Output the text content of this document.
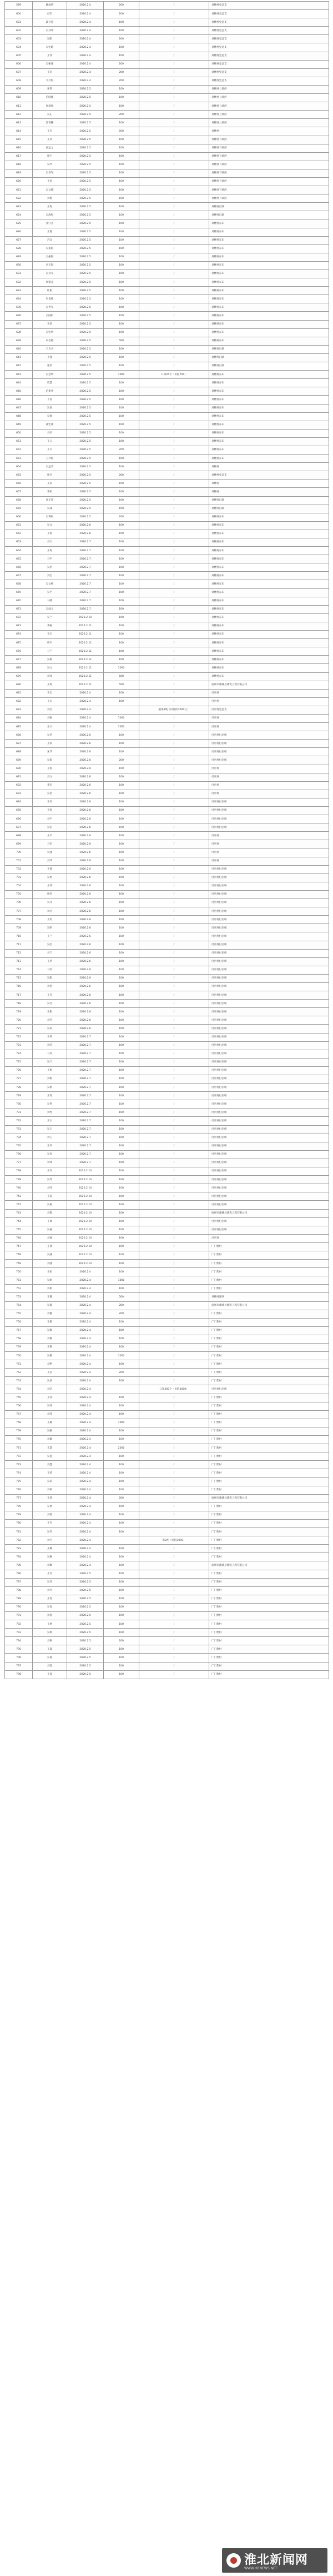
599	戴成菊	2020.2.4	200	/	刘楼村党总支
600	赵军	2020.2.4	200	/	刘楼村党总支
601	戚兵连	2020.2.4	100	/	刘楼村党总支
602	吴其珍	2020.2.4	100	/	刘楼村党总支
603	吴阳	2020.2.4	200	/	刘楼村党总支
604	吴宏路	2020.2.4	100	/	刘楼村党总支
605	王伟	2020.2.4	100	/	刘楼村党总支
606	吴振球	2020.2.4	200	/	刘楼村党总支
607	王军	2020.2.4	200	/	刘楼村党总支
608	马召海	2020.2.4	200	/	刘楼村党总支
609	宋铁	2020.2.5	100	/	刘楼村上湖西
610	范国刚	2020.2.5	100	/	刘楼村上湖西
611	周翠珍	2020.2.5	100	/	刘楼村上湖西
612	吴正	2020.2.5	200	/	刘楼村上湖西
613	郭春鹏	2020.2.5	100	/	刘楼村上湖西
614	王杰	2020.2.5	500	/	刘楼村
615	王其	2020.2.5	100	/	刘楼村下湖西
616	张远之	2020.2.5	100	/	刘楼村下湖西
617	周宇	2020.2.5	100	/	刘楼村下湖西
618	吴华	2020.2.5	100	/	刘楼村下湖西
619	吴华军	2020.2.5	100	/	刘楼村下湖西
620	王国	2020.2.5	100	/	刘楼村下湖西
621	吴文德	2020.2.5	100	/	刘楼村下湖西
622	刘梅	2020.2.5	100	/	刘楼村下湖西
623	王海	2020.2.5	100	/	刘楼村沿湖
624	吴海权	2020.2.5	100	/	刘楼村沿湖
625	张守杰	2020.2.5	100	/	刘楼村东田
626	王胜	2020.2.5	100	/	刘楼村东田
627	宫汉	2020.2.5	100	/	刘楼村东田
628	吴振银	2020.2.5	100	/	刘楼村东田
629	王振银	2020.2.5	100	/	刘楼村东田
630	刘玉银	2020.2.5	100	/	刘楼村东田
631	吴文军	2020.2.5	100	/	刘楼村东田
632	周银花	2020.2.5	100	/	刘楼村东田
633	杜银	2020.2.5	100	/	刘楼村东田
634	朱金枝	2020.2.5	100	/	刘楼村东田
635	吴世军	2020.2.5	100	/	刘楼村东田
636	吴国阳	2020.2.5	100	/	刘楼村东田
637	王雷	2020.2.5	100	/	刘楼村东田
638	吴宏明	2020.2.5	100	/	刘楼村东田
639	朱志路	2020.2.5	500	/	刘楼村东田
640	王玉兵	2020.2.5	100	/	刘楼村沿湖
641	王强	2020.2.5	100	/	刘楼村沿湖
642	张贵	2020.2.5	100	/	刘楼村沿湖
643	吴全明	2020.2.5	1000	口罩25个（价值700）	刘楼村东田
644	周慧	2020.2.5	100	/	刘楼村东田
645	范振华	2020.2.5	100	/	刘楼村东田
646	丁国	2020.2.5	100	/	刘楼村东田
647	吴春	2020.2.5	100	/	刘楼村东田
648	吴辉	2020.2.5	100	/	刘楼村东田
649	戚宏锋	2020.2.5	100	/	刘楼村东田
650	刘庆	2020.2.5	100	/	刘楼村东田
651	王云	2020.2.5	100	/	刘楼村东田
652	王兴	2020.2.5	200	/	刘楼村东田
653	王兴银	2020.2.5	100	/	刘楼村东田
654	吴远其	2020.2.5	100	/	刘楼村
655	周兵	2020.2.5	200	/	刘楼村党总支
656	王家	2020.2.5	100	/	刘楼村
657	李家	2020.2.5	100	/	刘楼村
658	高正菊	2020.2.5	100	/	刘楼村沿湖
659	吴成	2020.2.5	100	/	刘楼村沿湖
660	吴利权	2020.2.5	200	/	刘楼村东田
661	吴文	2020.2.6	100	/	刘楼村东田
662	王海	2020.2.6	100	/	刘楼村东田
663	刘义	2020.2.7	100	/	刘楼村东田
664	王海	2020.2.7	100	/	刘楼村东田
665	马平	2020.2.7	100	/	刘楼村东田
666	吴洪	2020.2.7	100	/	刘楼村东田
667	刘宏	2020.2.7	100	/	刘楼村东田
668	吴文梅	2020.2.7	100	/	刘楼村东田
669	吴平	2020.2.7	100	/	刘楼村东田
670	马晓	2020.2.7	100	/	刘楼村东田
671	吴成义	2020.2.7	100	/	刘楼村东田
672	吴兰	2020.2.10	100	/	刘楼村东田
673	李振	2020.2.11	100	/	刘楼村东田
674	王全	2020.2.11	100	/	刘楼村东田
675	周平	2020.2.11	100	/	刘楼村东田
676	马兰	2020.2.11	100	/	刘楼村东田
677	吴梅	2020.2.11	100	/	刘楼村东田
678	吴文	2020.2.11	1000	/	刘楼村东田
679	刘祥	2020.2.11	500	/	刘楼村东田
680	王海	2020.2.11	500	/	宿州市濉溪县建筑工程有限公司
681	王宏	2020.2.4	100	/	付店村
682	王永	2020.2.4	100	/	付店村
683	刘杰	2020.2.4		蔬菜1吨（价值约1000元）	付店村党总支
684	刘振	2020.2.4	1000	/	付店村
685	王兴	2020.2.4	1000	/	付店村
686	吴华	2020.2.6	100	/	付店村付店组
687	王家	2020.2.6	100	/	付店村付店组
688	宋华	2020.2.6	100	/	付店村付店组
689	吴海	2020.2.6	200	/	付店村付店组
690	王海	2020.2.6	100	/	付店村
691	刘文	2020.2.6	100	/	付店村
692	李军	2020.2.6	100	/	付店村
693	吴金	2020.2.6	100	/	付店村
694	王红	2020.2.6	100	/	付店村付店组
695	王振	2020.2.6	100	/	付店村付店组
696	刘平	2020.2.6	100	/	付店村付店组
697	吴宏	2020.2.6	100	/	付店村付店组
698	王平	2020.2.6	100	/	付店村
699	马军	2020.2.6	100	/	付店村
700	吴强	2020.2.6	100	/	付店村
701	刘华	2020.2.6	100	/	付店村
702	王德	2020.2.6	100	/	付店村付店组
703	吴勇	2020.2.6	100	/	付店村付店组
704	王伟	2020.2.6	100	/	付店村付店组
705	周红	2020.2.6	100	/	付店村付店组
706	吴文	2020.2.6	100	/	付店村付店组
707	刘兵	2020.2.6	100	/	付店村付店组
708	王勇	2020.2.6	100	/	付店村付店组
709	吴明	2020.2.6	100	/	付店村付店组
710	王兰	2020.2.6	100	/	付店村付店组
711	吴杰	2020.2.6	100	/	付店村付店组
712	刘兰	2020.2.6	100	/	付店村付店组
713	王华	2020.2.6	100	/	付店村付店组
714	马红	2020.2.6	100	/	付店村付店组
715	吴银	2020.2.6	100	/	付店村付店组
716	刘金	2020.2.6	100	/	付店村付店组
717	王芳	2020.2.6	100	/	付店村付店组
718	吴芳	2020.2.6	100	/	付店村付店组
719	王银	2020.2.6	100	/	付店村付店组
720	刘英	2020.2.6	100	/	付店村付店组
721	吴英	2020.2.6	100	/	付店村付店组
722	王英	2020.2.7	100	/	付店村付店组
723	刘芳	2020.2.7	100	/	付店村付店组
724	马英	2020.2.7	100	/	付店村付店组
725	吴兰	2020.2.7	100	/	付店村付店组
726	王梅	2020.2.7	100	/	付店村付店组
727	刘梅	2020.2.7	100	/	付店村付店组
728	吴梅	2020.2.7	100	/	付店村付店组
729	王秀	2020.2.7	100	/	付店村付店组
730	吴秀	2020.2.7	100	/	付店村付店组
731	刘秀	2020.2.7	100	/	付店村付店组
732	王玉	2020.2.7	100	/	付店村付店组
733	吴玉	2020.2.7	100	/	付店村付店组
734	刘玉	2020.2.7	100	/	付店村付店组
735	王凤	2020.2.7	100	/	付店村付店组
736	吴凤	2020.2.7	100	/	付店村付店组
737	刘凤	2020.2.7	100	/	付店村付店组
738	王琴	2020.2.10	100	/	付店村付店组
739	吴琴	2020.2.10	100	/	付店村付店组
740	刘琴	2020.2.10	100	/	付店村付店组
741	王霞	2020.2.10	100	/	付店村付店组
742	吴霞	2020.2.10	100	/	付店村付店组
743	刘霞	2020.2.10	100	/	宿州市濉溪县建筑工程有限公司
744	王丽	2020.2.10	100	/	付店村付店组
745	吴丽	2020.2.10	100	/	付店村付店组
746	刘丽	2020.2.10	100	/	付店村
747	王燕	2020.2.10	100	/	广门集村
748	吴燕	2020.2.10	100	/	广门集村
749	刘燕	2020.2.10	100	/	广门集村
750	王娟	2020.2.4	100	/	广门集村
751	吴娟	2020.2.4	1000	/	广门集村
752	刘娟	2020.2.4	100	/	广门集村
753	王静	2020.2.4	500	/	刘楼村湖西
754	吴静	2020.2.4	200	/	宿州市濉溪县建筑工程有限公司
755	刘静	2020.2.4	200	/	广门集村
756	王敏	2020.2.4	100	/	广门集村
757	吴敏	2020.2.4	100	/	广门集村
758	刘敏	2020.2.4	100	/	广门集村
759	王艳	2020.2.4	100	/	广门集村
760	吴艳	2020.2.4	1000	/	广门集村
761	刘艳	2020.2.4	100	/	广门集村
762	王洁	2020.2.4	200	/	广门集村
763	吴洁	2020.2.4	100	/	广门集村
764	刘洁	2020.2.4		口罩300个（价值3000）	付店村付店组
765	王萍	2020.2.4	100	/	广门集村
766	吴萍	2020.2.4	100	/	广门集村
767	刘萍	2020.2.4	100	/	广门集村
768	王颖	2020.2.4	1000	/	广门集村
769	吴颖	2020.2.4	100	/	广门集村
770	刘颖	2020.2.4	100	/	广门集村
771	王慧	2020.2.4	2000	/	广门集村
772	吴慧	2020.2.4	100	/	广门集村
773	刘慧	2020.2.4	100	/	广门集村
774	王莉	2020.2.4	100	/	广门集村
775	吴莉	2020.2.4	100	/	广门集村
776	刘莉	2020.2.4	100	/	广门集村
777	王倩	2020.2.4	200	/	宿州市濉溪县建筑工程有限公司
778	吴倩	2020.2.4	100	/	广门集村
779	刘倩	2020.2.4	100	/	广门集村
780	王雪	2020.2.4	100	/	广门集村
781	吴雪	2020.2.4	100	/	广门集村
782	刘雪	2020.2.4		米2吨（价值3000）	广门集村
783	王琳	2020.2.4	100	/	广门集村
784	吴琳	2020.2.4	100	/	广门集村
785	刘琳	2020.2.4	100	/	宿州市濉溪县建筑工程有限公司
786	王冬	2020.2.5	100	/	广门集村
787	吴冬	2020.2.5	100	/	广门集村
788	刘冬	2020.2.5	100	/	广门集村
789	王春	2020.2.5	100	/	广门集村
790	吴春	2020.2.5	100	/	广门集村
791	刘春	2020.2.5	100	/	广门集村
792	王秋	2020.2.5	100	/	广门集村
793	吴秋	2020.2.5	100	/	广门集村
794	刘秋	2020.2.5	200	/	广门集村
795	王夏	2020.2.5	100	/	广门集村
796	吴夏	2020.2.5	100	/	广门集村
797	刘夏	2020.2.5	100	/	广门集村
798	王晨	2020.2.5	100	/	广门集村
淮北新闻网
WWW.HBNEWS.NET
